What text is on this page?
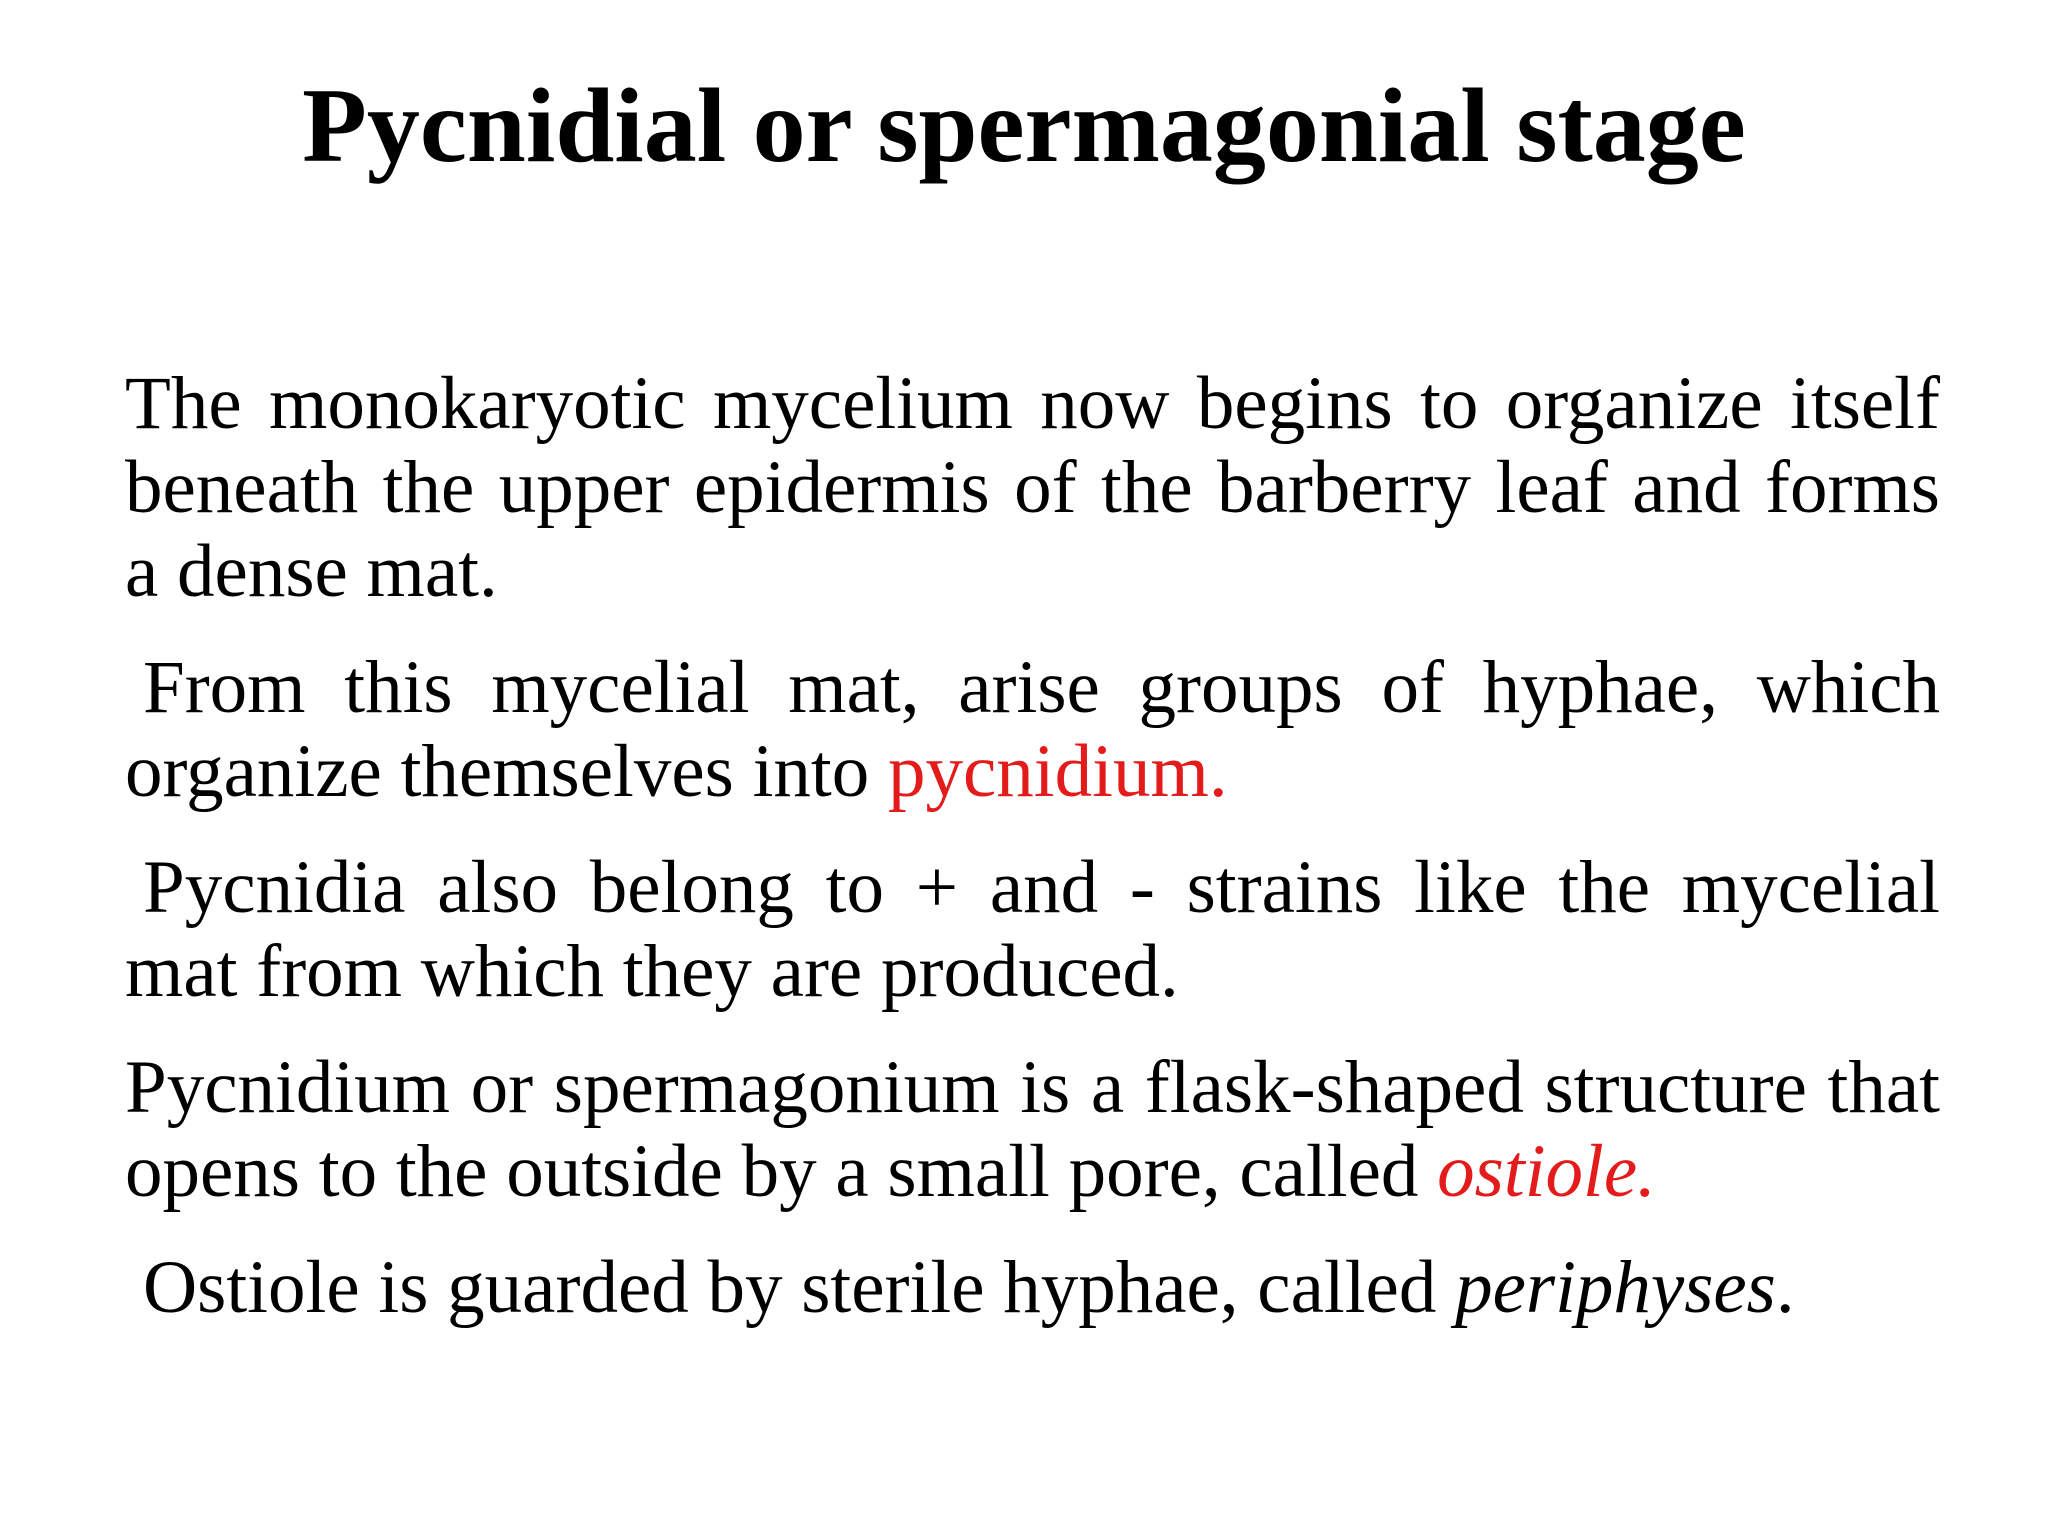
Pycnidial or spermagonial stage

The monokaryotic mycelium now begins to organize itself beneath the upper epidermis of the barberry leaf and forms a dense mat.

From this mycelial mat, arise groups of hyphae, which organize themselves into pycnidium.

Pycnidia also belong to + and - strains like the mycelial mat from which they are produced.

Pycnidium or spermagonium is a flask-shaped structure that opens to the outside by a small pore, called ostiole.

Ostiole is guarded by sterile hyphae, called periphyses.
